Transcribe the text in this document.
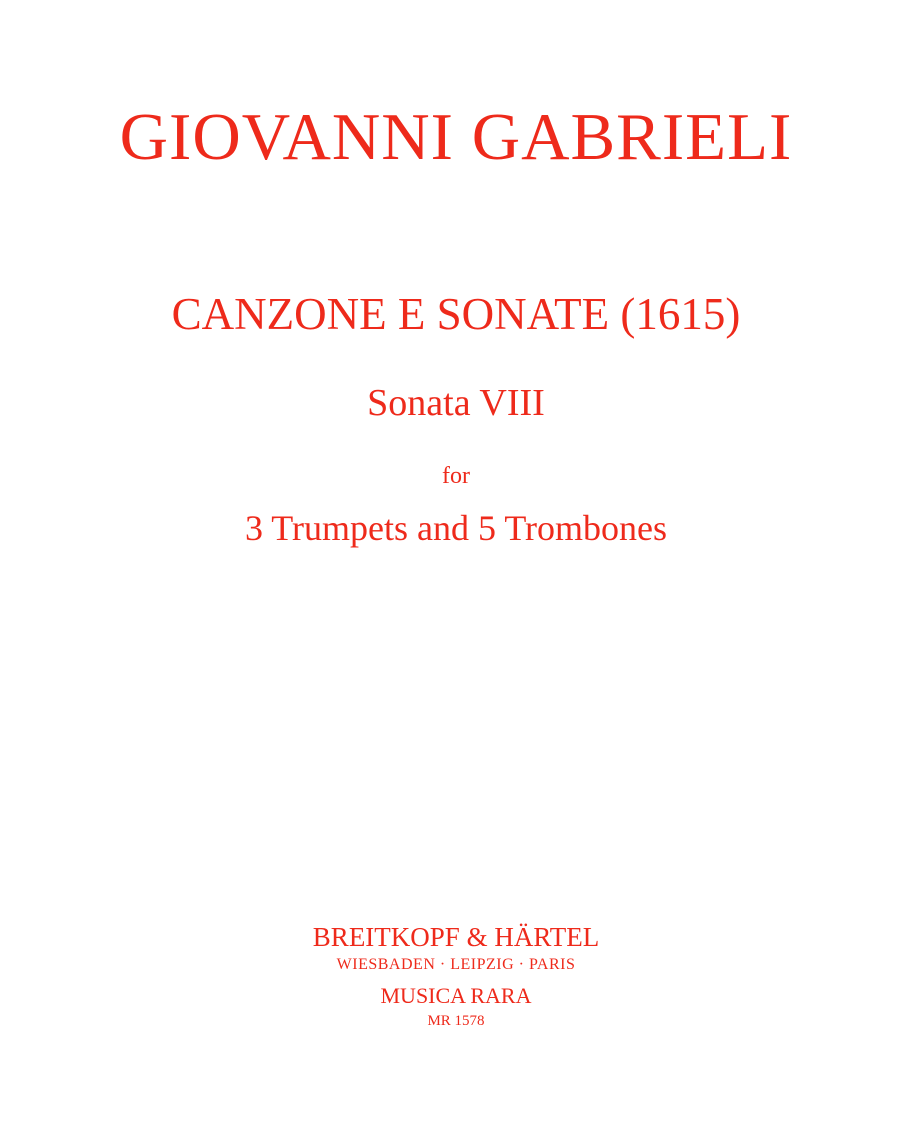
GIOVANNI GABRIELI
CANZONE E SONATE (1615)
Sonata VIII
for
3 Trumpets and 5 Trombones
BREITKOPF & HÄRTEL
WIESBADEN · LEIPZIG · PARIS
MUSICA RARA
MR 1578
